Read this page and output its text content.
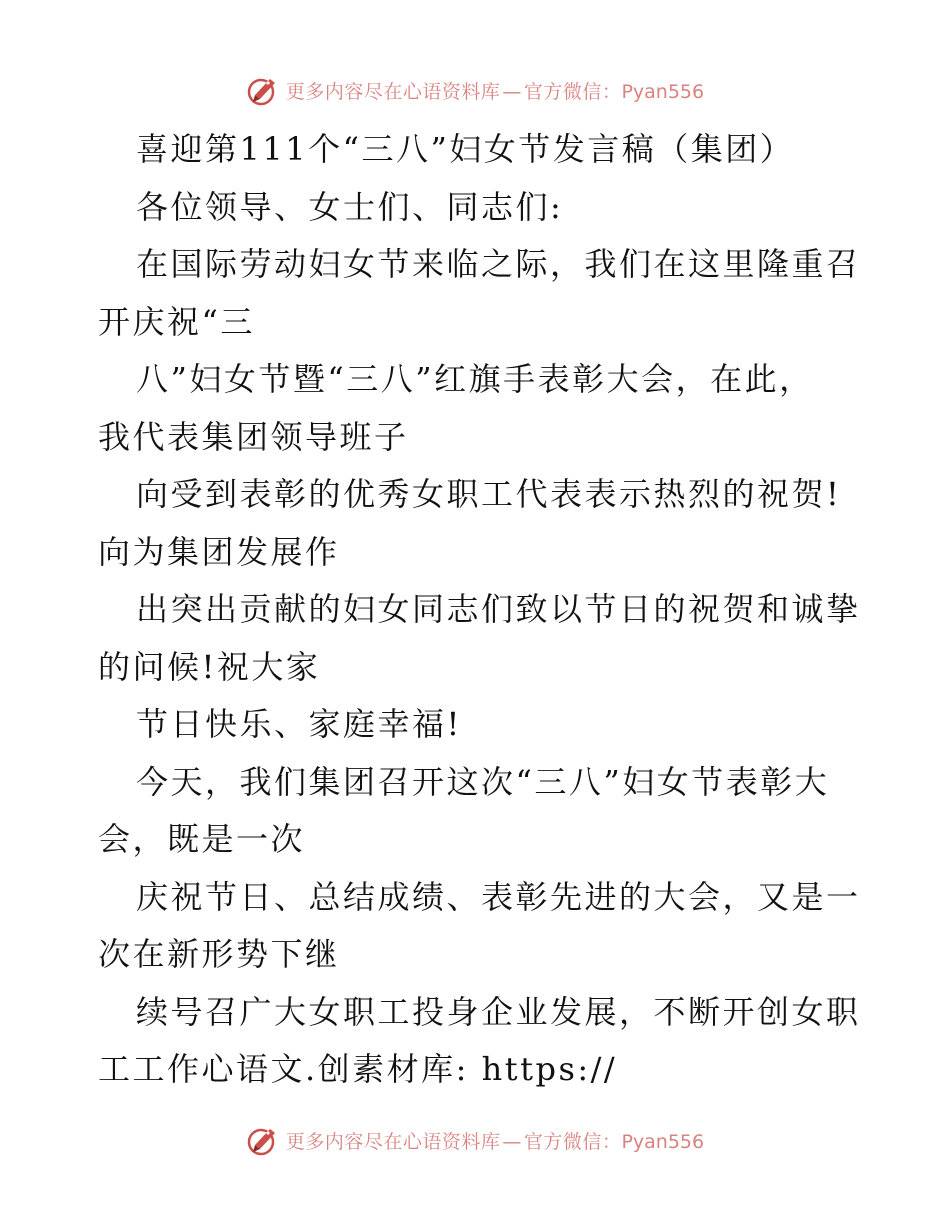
更多内容尽在心语资料库 — 官方微信：Pyan556
喜迎第111个“三八”妇女节发言稿（集团）
各位领导、女士们、同志们:
在国际劳动妇女节来临之际，我们在这里隆重召
开庆祝“三
八”妇女节暨“三八”红旗手表彰大会，在此，
我代表集团领导班子
向受到表彰的优秀女职工代表表示热烈的祝贺!
向为集团发展作
出突出贡献的妇女同志们致以节日的祝贺和诚挚
的问候!祝大家
节日快乐、家庭幸福!
今天，我们集团召开这次“三八”妇女节表彰大
会，既是一次
庆祝节日、总结成绩、表彰先进的大会，又是一
次在新形势下继
续号召广大女职工投身企业发展，不断开创女职
工工作心语文.创素材库: https://
更多内容尽在心语资料库 — 官方微信：Pyan556
